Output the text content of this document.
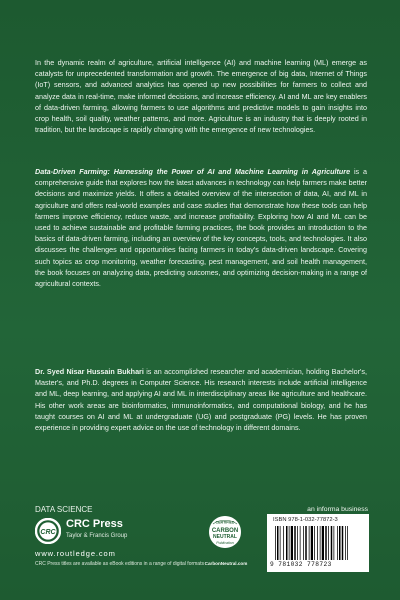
In the dynamic realm of agriculture, artificial intelligence (AI) and machine learning (ML) emerge as catalysts for unprecedented transformation and growth. The emergence of big data, Internet of Things (IoT) sensors, and advanced analytics has opened up new possibilities for farmers to collect and analyze data in real-time, make informed decisions, and increase efficiency. AI and ML are key enablers of data-driven farming, allowing farmers to use algorithms and predictive models to gain insights into crop health, soil quality, weather patterns, and more. Agriculture is an industry that is deeply rooted in tradition, but the landscape is rapidly changing with the emergence of new technologies.

Data-Driven Farming: Harnessing the Power of AI and Machine Learning in Agriculture is a comprehensive guide that explores how the latest advances in technology can help farmers make better decisions and maximize yields. It offers a detailed overview of the intersection of data, AI, and ML in agriculture and offers real-world examples and case studies that demonstrate how these tools can help farmers improve efficiency, reduce waste, and increase profitability. Exploring how AI and ML can be used to achieve sustainable and profitable farming practices, the book provides an introduction to the basics of data-driven farming, including an overview of the key concepts, tools, and technologies. It also discusses the challenges and opportunities facing farmers in today's data-driven landscape. Covering such topics as crop monitoring, weather forecasting, pest management, and soil health management, the book focuses on analyzing data, predicting outcomes, and optimizing decision-making in a range of agricultural contexts.

Dr. Syed Nisar Hussain Bukhari is an accomplished researcher and academician, holding Bachelor's, Master's, and Ph.D. degrees in Computer Science. His research interests include artificial intelligence and ML, deep learning, and applying AI and ML in interdisciplinary areas like agriculture and healthcare. His other work areas are bioinformatics, immunoinformatics, and computational biology, and he has taught courses on AI and ML at undergraduate (UG) and postgraduate (PG) levels. He has proven experience in providing expert advice on the use of technology in different domains.

DATA SCIENCE	an informa business
CRC
CRC Press
Taylor & Francis Group
www.routledge.com
CRC Press titles are available as eBook editions in a range of digital formats
CERTIFIED
CARBON
NEUTRAL
Publication
CarbonNeutral.com
ISBN 978-1-032-77872-3
9 781032 778723
